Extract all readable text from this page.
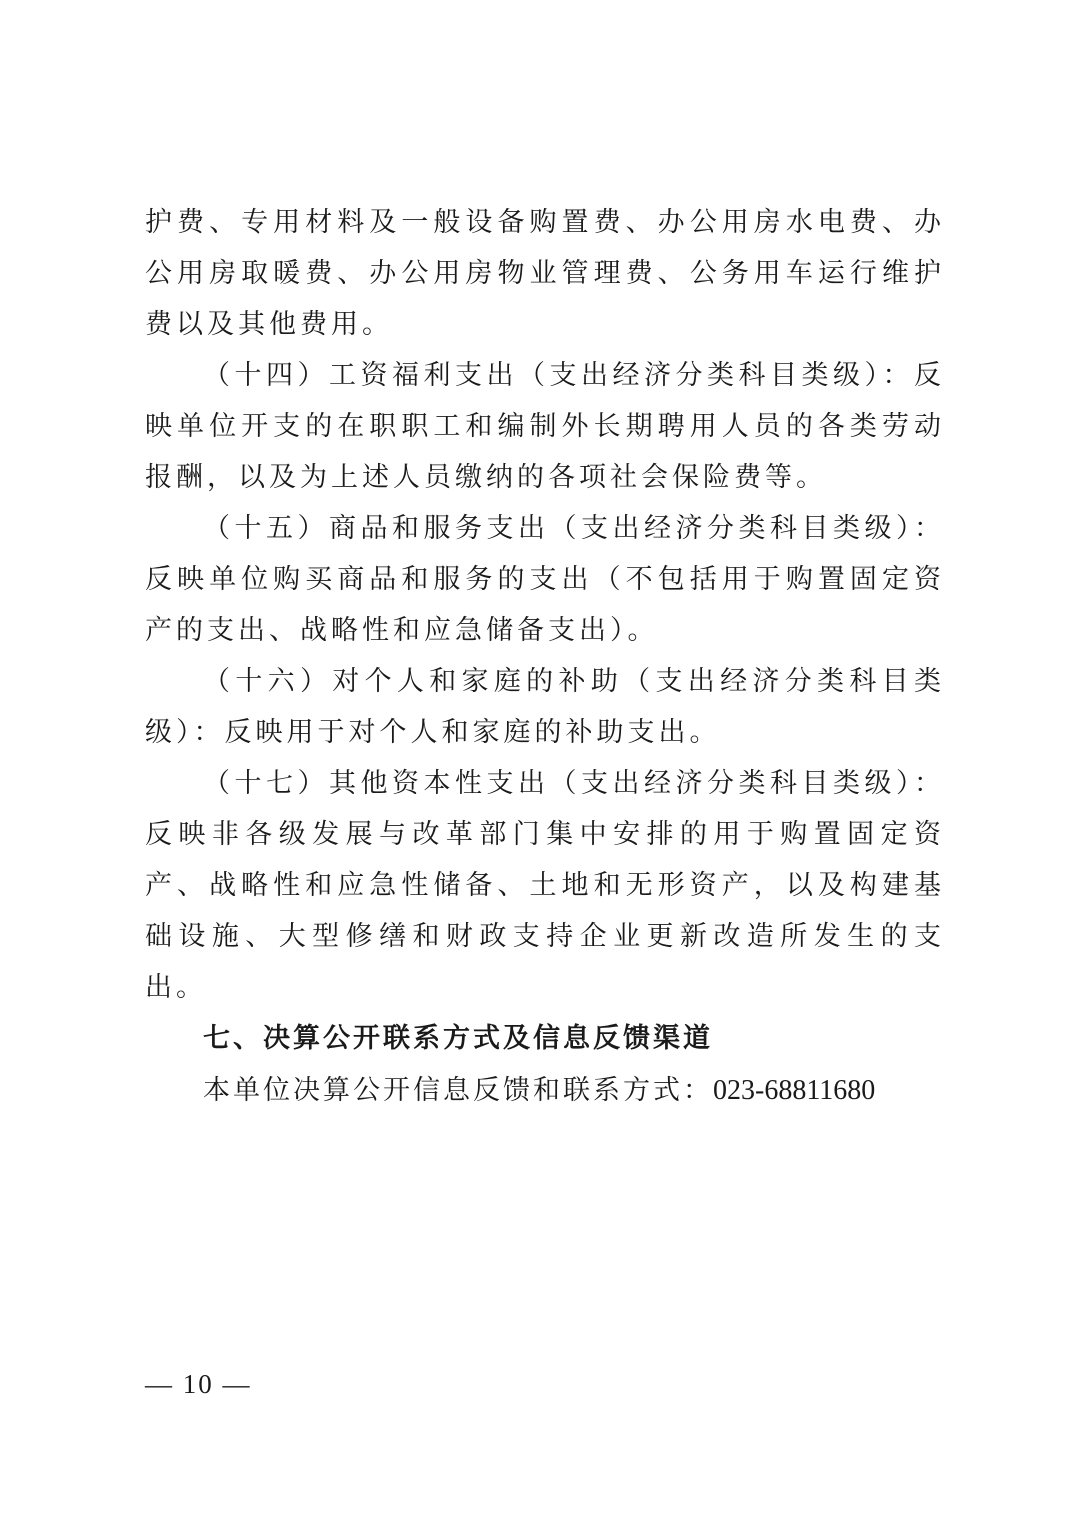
护费、专用材料及一般设备购置费、办公用房水电费、办公用房取暖费、办公用房物业管理费、公务用车运行维护费以及其他费用。

（十四）工资福利支出（支出经济分类科目类级）：反映单位开支的在职职工和编制外长期聘用人员的各类劳动报酬，以及为上述人员缴纳的各项社会保险费等。

（十五）商品和服务支出（支出经济分类科目类级）：反映单位购买商品和服务的支出（不包括用于购置固定资产的支出、战略性和应急储备支出）。

（十六）对个人和家庭的补助（支出经济分类科目类级）：反映用于对个人和家庭的补助支出。

（十七）其他资本性支出（支出经济分类科目类级）：反映非各级发展与改革部门集中安排的用于购置固定资产、战略性和应急性储备、土地和无形资产，以及构建基础设施、大型修缮和财政支持企业更新改造所发生的支出。

七、决算公开联系方式及信息反馈渠道

本单位决算公开信息反馈和联系方式：023-68811680

— 10 —
